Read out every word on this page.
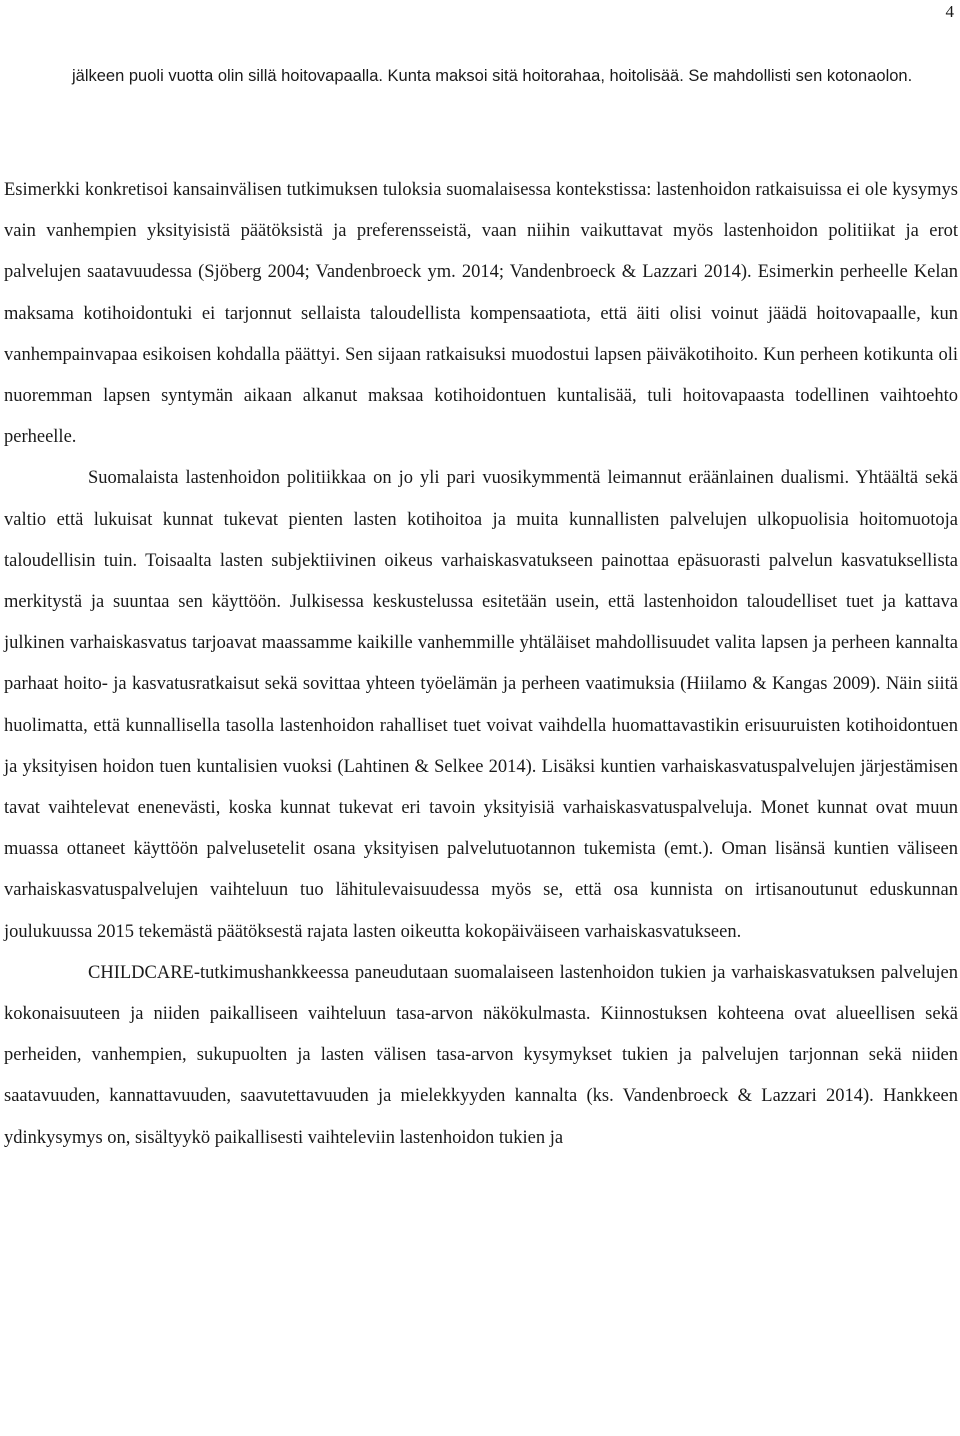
4
jälkeen puoli vuotta olin sillä hoitovapaalla. Kunta maksoi sitä hoitorahaa, hoitolisää. Se mahdollisti sen kotonaolon.

Esimerkki konkretisoi kansainvälisen tutkimuksen tuloksia suomalaisessa kontekstissa: lastenhoidon ratkaisuissa ei ole kysymys vain vanhempien yksityisistä päätöksistä ja preferensseistä, vaan niihin vaikuttavat myös lastenhoidon politiikat ja erot palvelujen saatavuudessa (Sjöberg 2004; Vandenbroeck ym. 2014; Vandenbroeck & Lazzari 2014). Esimerkin perheelle Kelan maksama kotihoidontuki ei tarjonnut sellaista taloudellista kompensaatiota, että äiti olisi voinut jäädä hoitovapaalle, kun vanhempainvapaa esikoisen kohdalla päättyi. Sen sijaan ratkaisuksi muodostui lapsen päiväkotihoito. Kun perheen kotikunta oli nuoremman lapsen syntymän aikaan alkanut maksaa kotihoidontuen kuntalisää, tuli hoitovapaasta todellinen vaihtoehto perheelle.

Suomalaista lastenhoidon politiikkaa on jo yli pari vuosikymmentä leimannut eräänlainen dualismi. Yhtäältä sekä valtio että lukuisat kunnat tukevat pienten lasten kotihoitoa ja muita kunnallisten palvelujen ulkopuolisia hoitomuotoja taloudellisin tuin. Toisaalta lasten subjektiivinen oikeus varhaiskasvatukseen painottaa epäsuorasti palvelun kasvatuksellista merkitystä ja suuntaa sen käyttöön. Julkisessa keskustelussa esitetään usein, että lastenhoidon taloudelliset tuet ja kattava julkinen varhaiskasvatus tarjoavat maassamme kaikille vanhemmille yhtäläiset mahdollisuudet valita lapsen ja perheen kannalta parhaat hoito- ja kasvatusratkaisut sekä sovittaa yhteen työelämän ja perheen vaatimuksia (Hiilamo & Kangas 2009). Näin siitä huolimatta, että kunnallisella tasolla lastenhoidon rahalliset tuet voivat vaihdella huomattavastikin erisuuruisten kotihoidontuen ja yksityisen hoidon tuen kuntalisien vuoksi (Lahtinen & Selkee 2014). Lisäksi kuntien varhaiskasvatuspalvelujen järjestämisen tavat vaihtelevat enenevästi, koska kunnat tukevat eri tavoin yksityisiä varhaiskasvatuspalveluja. Monet kunnat ovat muun muassa ottaneet käyttöön palvelusetelit osana yksityisen palvelutuotannon tukemista (emt.). Oman lisänsä kuntien väliseen varhaiskasvatuspalvelujen vaihteluun tuo lähitulevaisuudessa myös se, että osa kunnista on irtisanoutunut eduskunnan joulukuussa 2015 tekemästä päätöksestä rajata lasten oikeutta kokopäiväiseen varhaiskasvatukseen.

CHILDCARE-tutkimushankkeessa paneudutaan suomalaiseen lastenhoidon tukien ja varhaiskasvatuksen palvelujen kokonaisuuteen ja niiden paikalliseen vaihteluun tasa-arvon näkökulmasta. Kiinnostuksen kohteena ovat alueellisen sekä perheiden, vanhempien, sukupuolten ja lasten välisen tasa-arvon kysymykset tukien ja palvelujen tarjonnan sekä niiden saatavuuden, kannattavuuden, saavutettavuuden ja mielekkyyden kannalta (ks. Vandenbroeck & Lazzari 2014). Hankkeen ydinkysymys on, sisältyykö paikallisesti vaihteleviin lastenhoidon tukien ja
